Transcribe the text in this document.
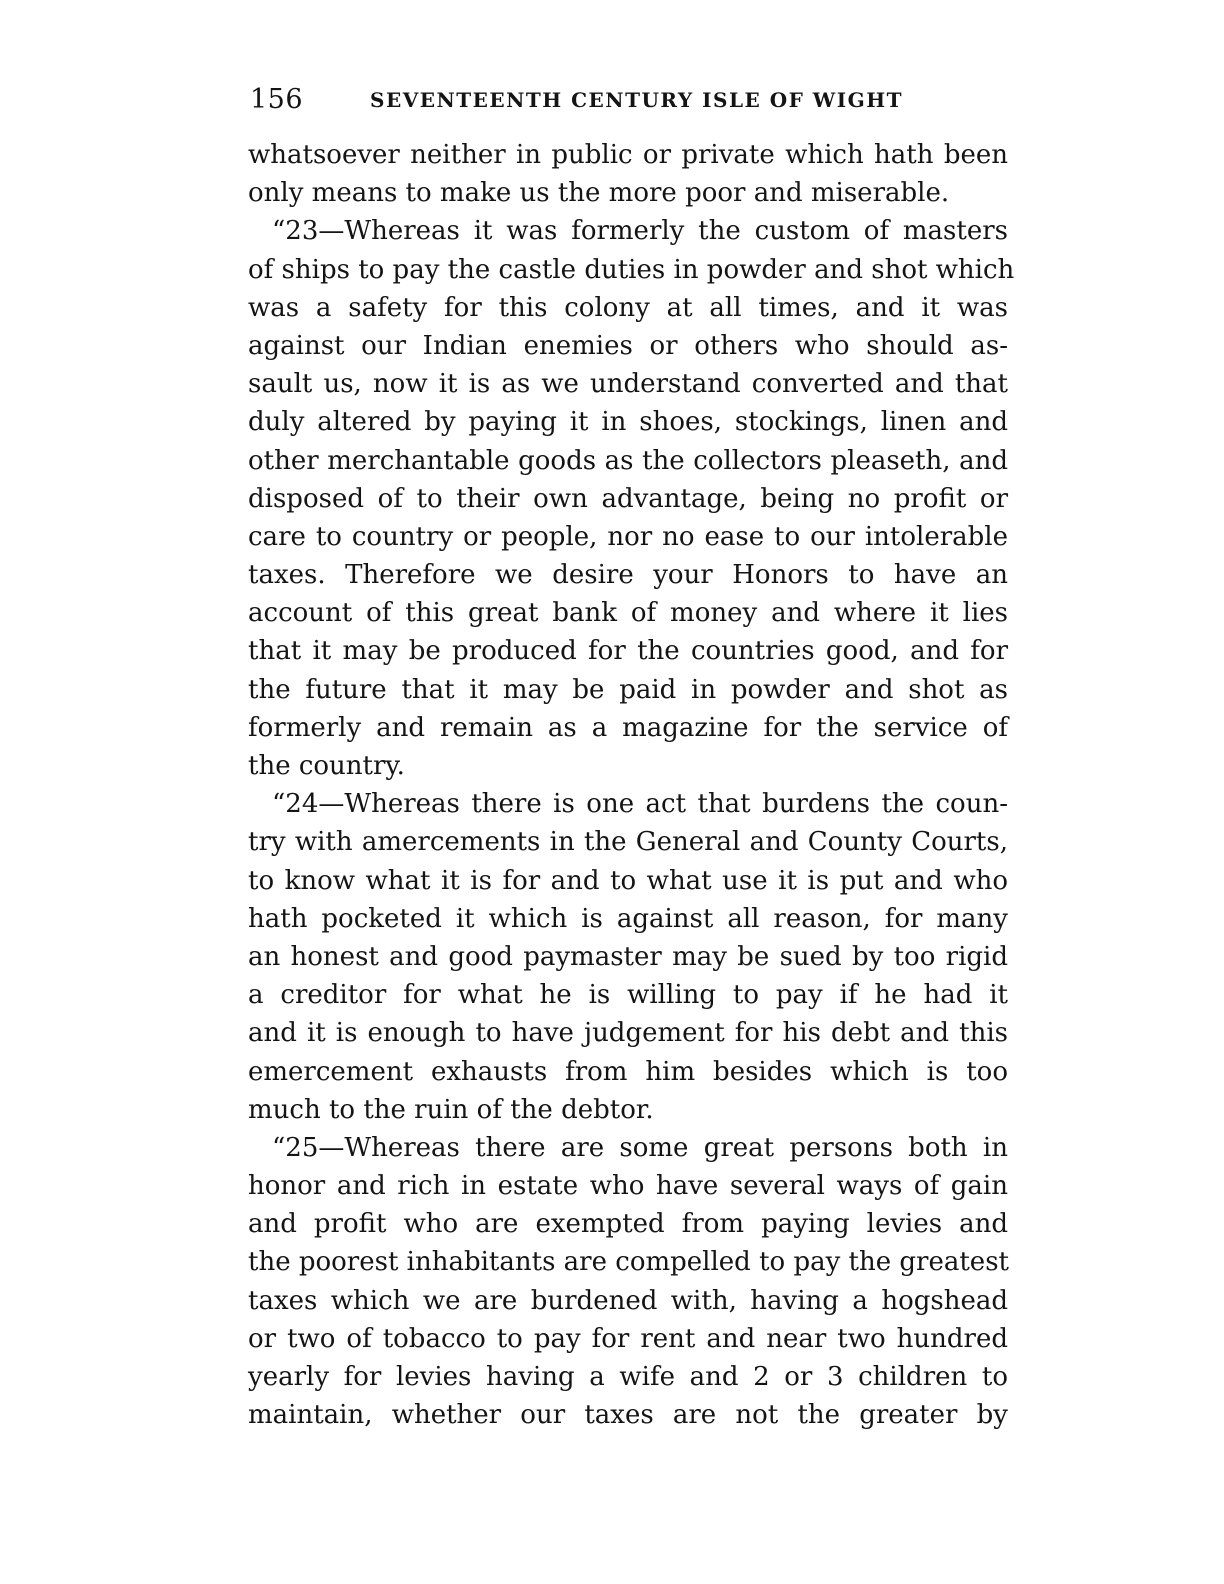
156	SEVENTEENTH CENTURY ISLE OF WIGHT

whatsoever neither in public or private which hath been
only means to make us the more poor and miserable.

“23—Whereas it was formerly the custom of masters
of ships to pay the castle duties in powder and shot which
was a safety for this colony at all times, and it was
against our Indian enemies or others who should as-
sault us, now it is as we understand converted and that
duly altered by paying it in shoes, stockings, linen and
other merchantable goods as the collectors pleaseth, and
disposed of to their own advantage, being no profit or
care to country or people, nor no ease to our intolerable
taxes. Therefore we desire your Honors to have an
account of this great bank of money and where it lies
that it may be produced for the countries good, and for
the future that it may be paid in powder and shot as
formerly and remain as a magazine for the service of
the country.

“24—Whereas there is one act that burdens the coun-
try with amercements in the General and County Courts,
to know what it is for and to what use it is put and who
hath pocketed it which is against all reason, for many
an honest and good paymaster may be sued by too rigid
a creditor for what he is willing to pay if he had it
and it is enough to have judgement for his debt and this
emercement exhausts from him besides which is too
much to the ruin of the debtor.

“25—Whereas there are some great persons both in
honor and rich in estate who have several ways of gain
and profit who are exempted from paying levies and
the poorest inhabitants are compelled to pay the greatest
taxes which we are burdened with, having a hogshead
or two of tobacco to pay for rent and near two hundred
yearly for levies having a wife and 2 or 3 children to
maintain, whether our taxes are not the greater by
